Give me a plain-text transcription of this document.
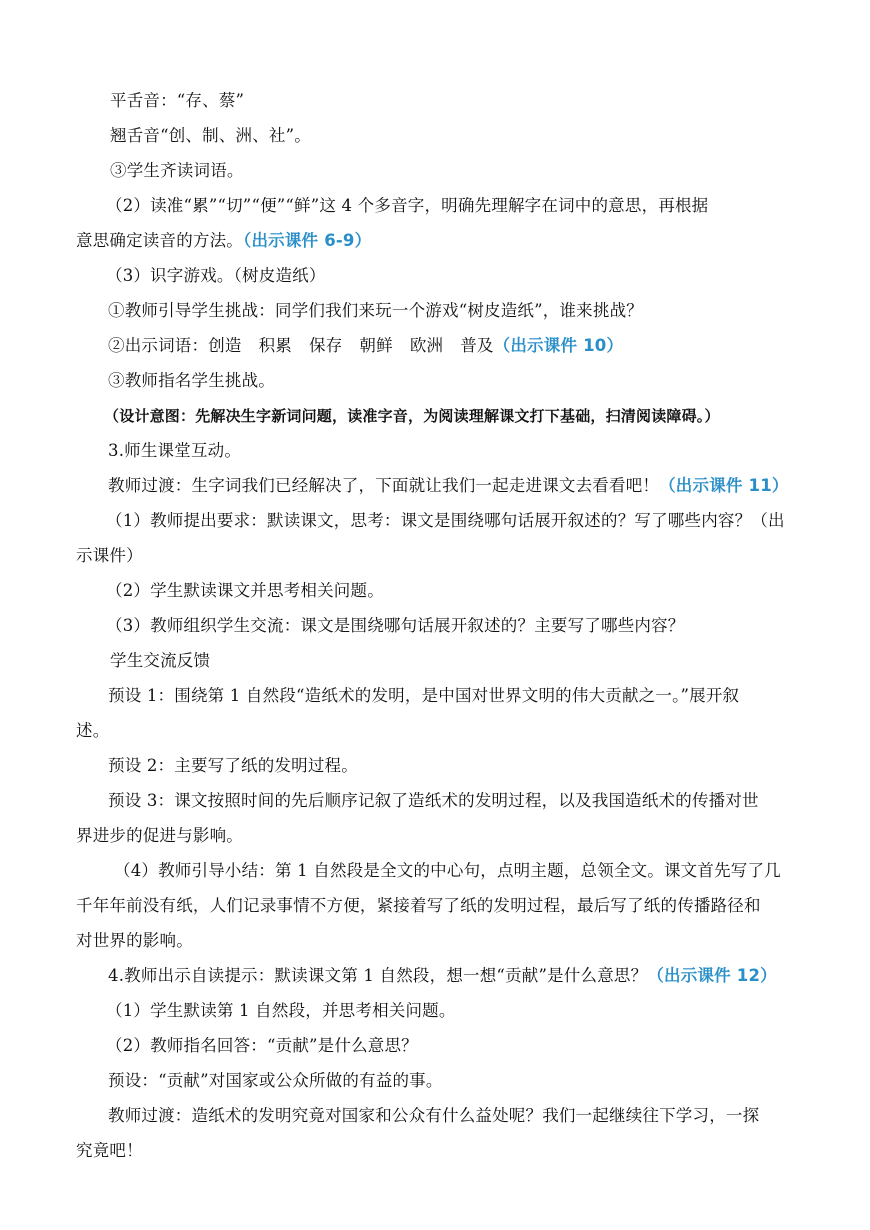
平舌音：“存、蔡”
翘舌音“创、制、洲、社”。
③学生齐读词语。
（2）读准“累”“切”“便”“鲜”这 4 个多音字，明确先理解字在词中的意思，再根据
意思确定读音的方法。（出示课件 6-9）
（3）识字游戏。（树皮造纸）
①教师引导学生挑战：同学们我们来玩一个游戏“树皮造纸”，谁来挑战？
②出示词语：创造 积累 保存 朝鲜 欧洲 普及（出示课件 10）
③教师指名学生挑战。
（设计意图：先解决生字新词问题，读准字音，为阅读理解课文打下基础，扫清阅读障碍。）
3.师生课堂互动。
教师过渡：生字词我们已经解决了，下面就让我们一起走进课文去看看吧！（出示课件 11）
（1）教师提出要求：默读课文，思考：课文是围绕哪句话展开叙述的？写了哪些内容？（出
示课件）
（2）学生默读课文并思考相关问题。
（3）教师组织学生交流：课文是围绕哪句话展开叙述的？主要写了哪些内容？
学生交流反馈
预设 1：围绕第 1 自然段“造纸术的发明，是中国对世界文明的伟大贡献之一。”展开叙
述。
预设 2：主要写了纸的发明过程。
预设 3：课文按照时间的先后顺序记叙了造纸术的发明过程，以及我国造纸术的传播对世
界进步的促进与影响。
（4）教师引导小结：第 1 自然段是全文的中心句，点明主题，总领全文。课文首先写了几
千年年前没有纸，人们记录事情不方便，紧接着写了纸的发明过程，最后写了纸的传播路径和
对世界的影响。
4.教师出示自读提示：默读课文第 1 自然段，想一想“贡献”是什么意思？（出示课件 12）
（1）学生默读第 1 自然段，并思考相关问题。
（2）教师指名回答：“贡献”是什么意思？
预设：“贡献”对国家或公众所做的有益的事。
教师过渡：造纸术的发明究竟对国家和公众有什么益处呢？我们一起继续往下学习，一探
究竟吧！
